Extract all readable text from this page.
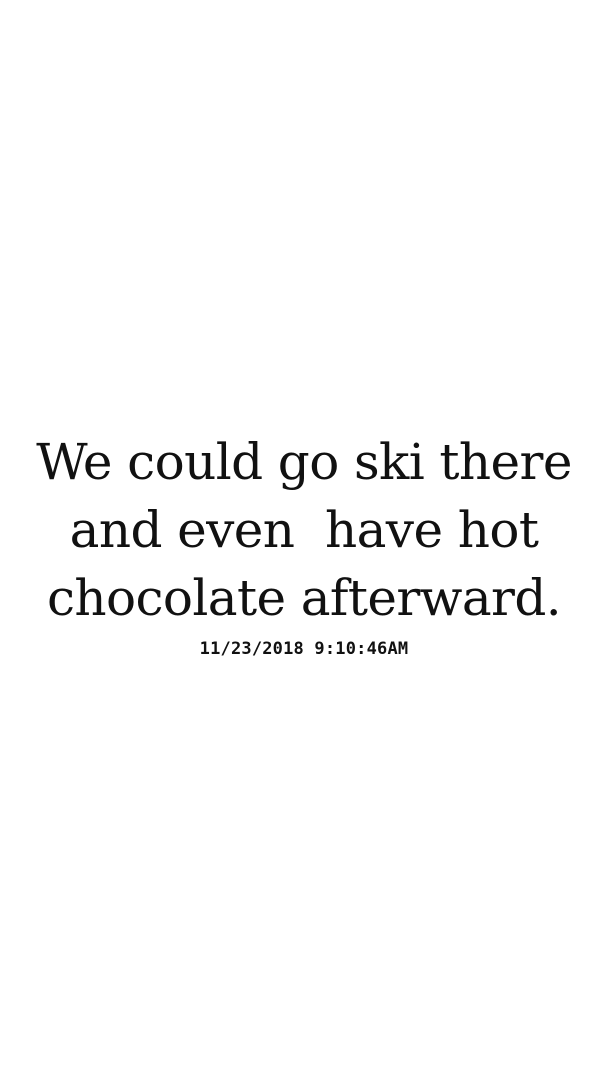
We could go ski there
and even  have hot
chocolate afterward.
11/23/2018 9:10:46AM
